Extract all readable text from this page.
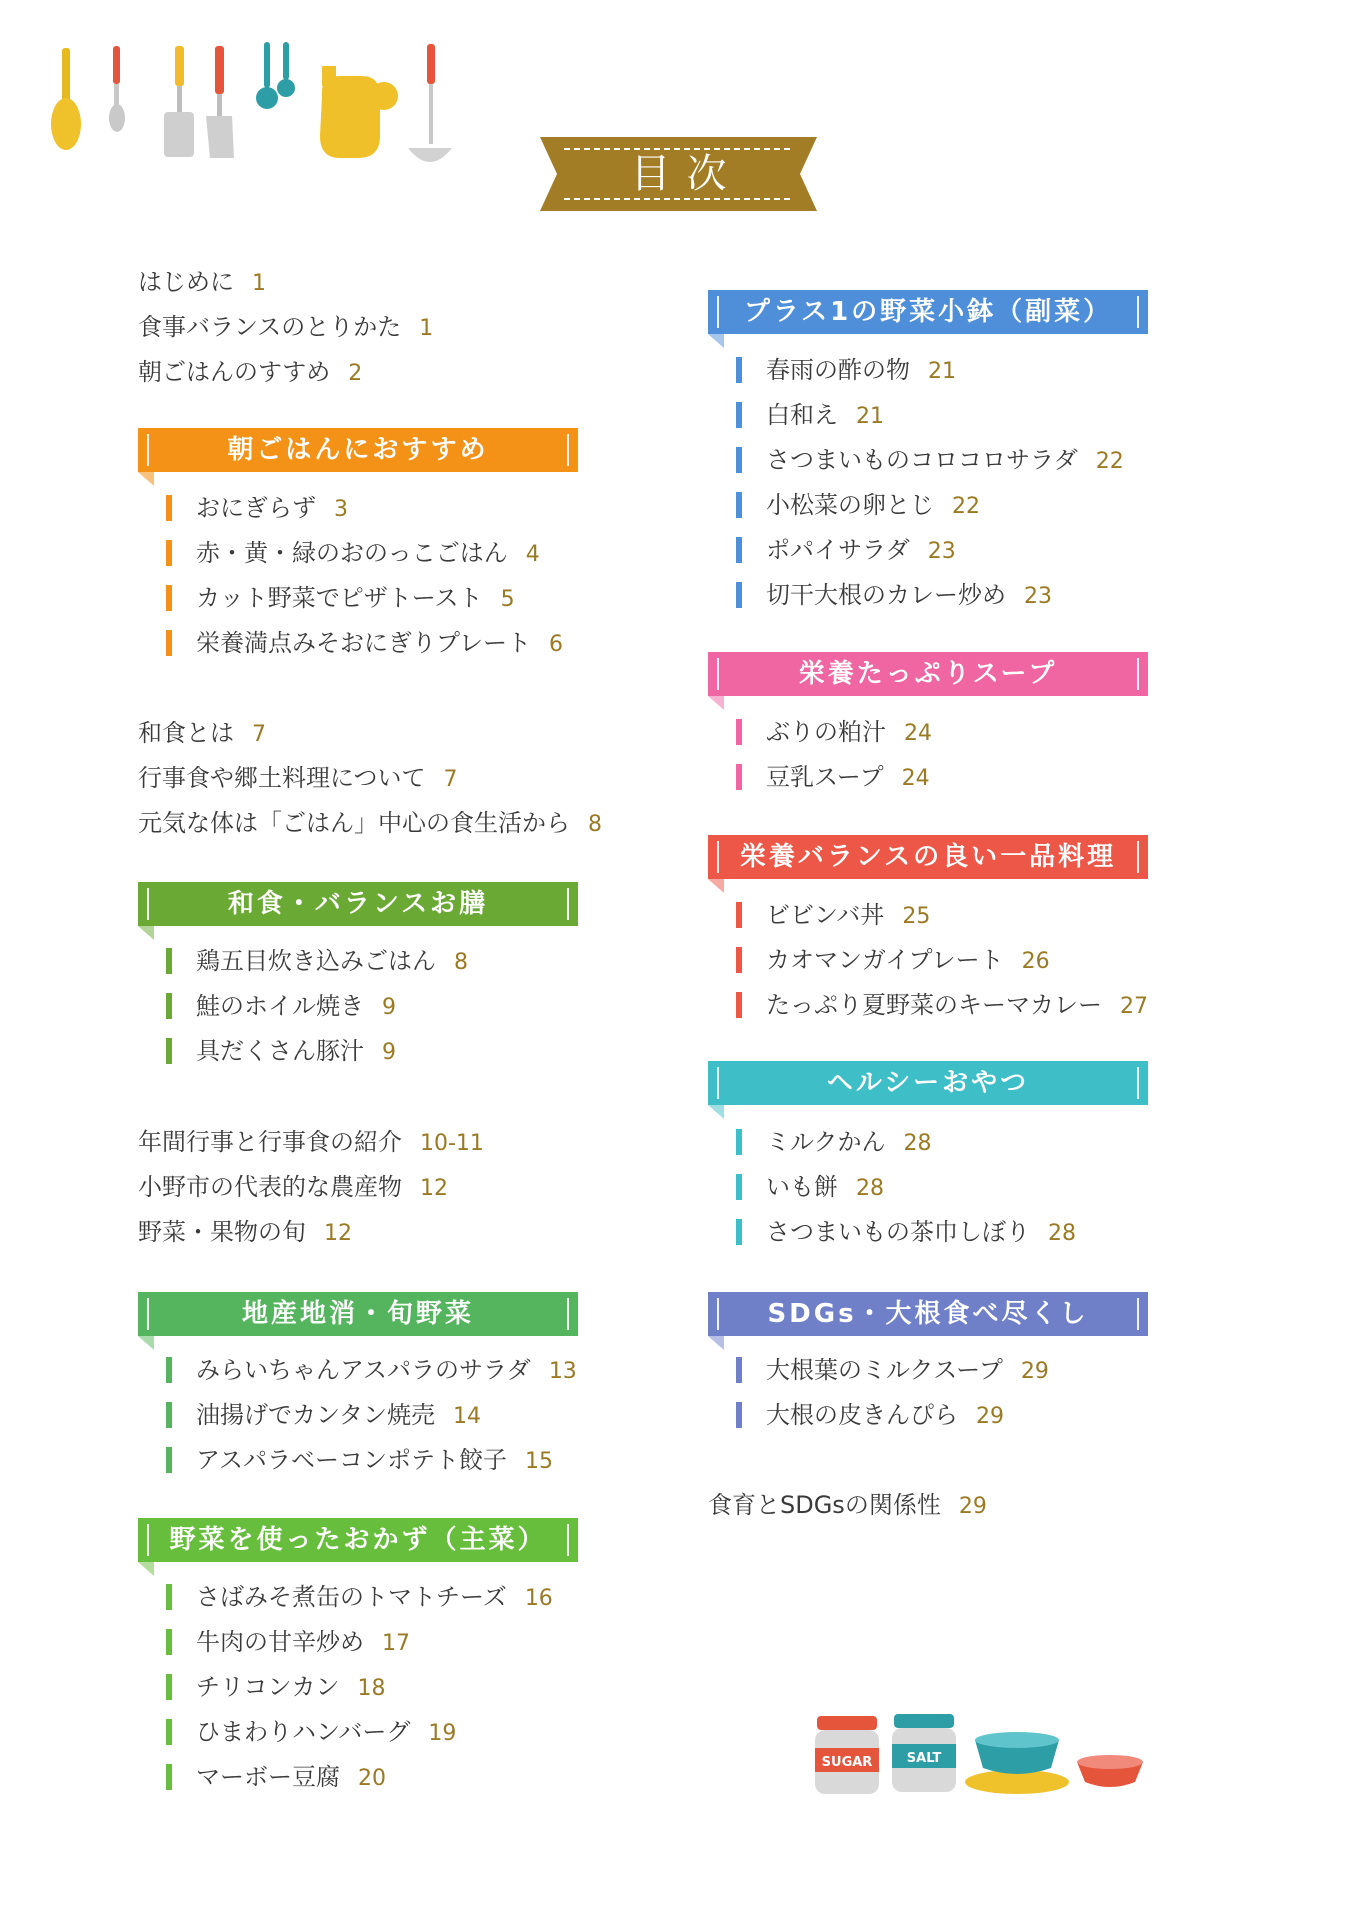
目次
はじめに 1
食事バランスのとりかた 1
朝ごはんのすすめ 2
朝ごはんにおすすめ
おにぎらず 3
赤・黄・緑のおのっこごはん 4
カット野菜でピザトースト 5
栄養満点みそおにぎりプレート 6
和食とは 7
行事食や郷土料理について 7
元気な体は「ごはん」中心の食生活から 8
和食・バランスお膳
鶏五目炊き込みごはん 8
鮭のホイル焼き 9
具だくさん豚汁 9
年間行事と行事食の紹介 10-11
小野市の代表的な農産物 12
野菜・果物の旬 12
地産地消・旬野菜
みらいちゃんアスパラのサラダ 13
油揚げでカンタン焼売 14
アスパラベーコンポテト餃子 15
野菜を使ったおかず（主菜）
さばみそ煮缶のトマトチーズ 16
牛肉の甘辛炒め 17
チリコンカン 18
ひまわりハンバーグ 19
マーボー豆腐 20
プラス1の野菜小鉢（副菜）
春雨の酢の物 21
白和え 21
さつまいものコロコロサラダ 22
小松菜の卵とじ 22
ポパイサラダ 23
切干大根のカレー炒め 23
栄養たっぷりスープ
ぶりの粕汁 24
豆乳スープ 24
栄養バランスの良い一品料理
ビビンバ丼 25
カオマンガイプレート 26
たっぷり夏野菜のキーマカレー 27
ヘルシーおやつ
ミルクかん 28
いも餅 28
さつまいもの茶巾しぼり 28
SDGs・大根食べ尽くし
大根葉のミルクスープ 29
大根の皮きんぴら 29
食育とSDGsの関係性 29
SUGAR	SALT
